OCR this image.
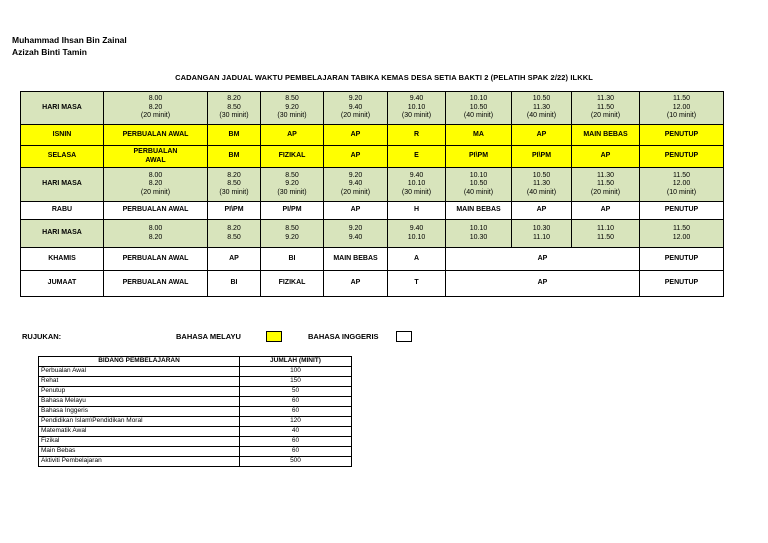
Muhammad Ihsan Bin Zainal
Azizah Binti Tamin
CADANGAN JADUAL WAKTU PEMBELAJARAN TABIKA KEMAS DESA SETIA BAKTI 2 (PELATIH SPAK 2/22) ILKKL
HARI MASA	8.00
8.20
(20 minit)	8.20
8.50
(30 minit)	8.50
9.20
(30 minit)	9.20
9.40
(20 minit)	9.40
10.10
(30 minit)	10.10
10.50
(40 minit)	10.50
11.30
(40 minit)	11.30
11.50
(20 minit)	11.50
12.00
(10 minit)
ISNIN	PERBUALAN AWAL	BM	AP	AP	R	MA	AP	MAIN BEBAS	PENUTUP
SELASA	PERBUALAN
AWAL	BM	FIZIKAL	AP	E	PI\PM	PI\PM	AP	PENUTUP
HARI MASA	8.00
8.20
(20 minit)	8.20
8.50
(30 minit)	8.50
9.20
(30 minit)	9.20
9.40
(20 minit)	9.40
10.10
(30 minit)	10.10
10.50
(40 minit)	10.50
11.30
(40 minit)	11.30
11.50
(20 minit)	11.50
12.00
(10 minit)
RABU	PERBUALAN AWAL	PI\PM	PI/PM	AP	H	MAIN BEBAS	AP	AP	PENUTUP
HARI MASA	8.00
8.20	8.20
8.50	8.50
9.20	9.20
9.40	9.40
10.10	10.10
10.30	10.30
11.10	11.10
11.50	11.50
12.00
KHAMIS	PERBUALAN AWAL	AP	BI	MAIN BEBAS	A	AP			PENUTUP
JUMAAT	PERBUALAN AWAL	BI	FIZIKAL	AP	T	AP			PENUTUP
RUJUKAN:	BAHASA MELAYU	BAHASA INGGERIS
BIDANG PEMBELAJARAN	JUMLAH (MINIT)
Perbualan Awal	100
Rehat	150
Penutup	50
Bahasa Melayu	60
Bahasa Inggeris	60
Pendidikan Islam\Pendidikan Moral	120
Matematik Awal	40
Fizikal	60
Main Bebas	60
Aktiviti Pembelajaran	500
